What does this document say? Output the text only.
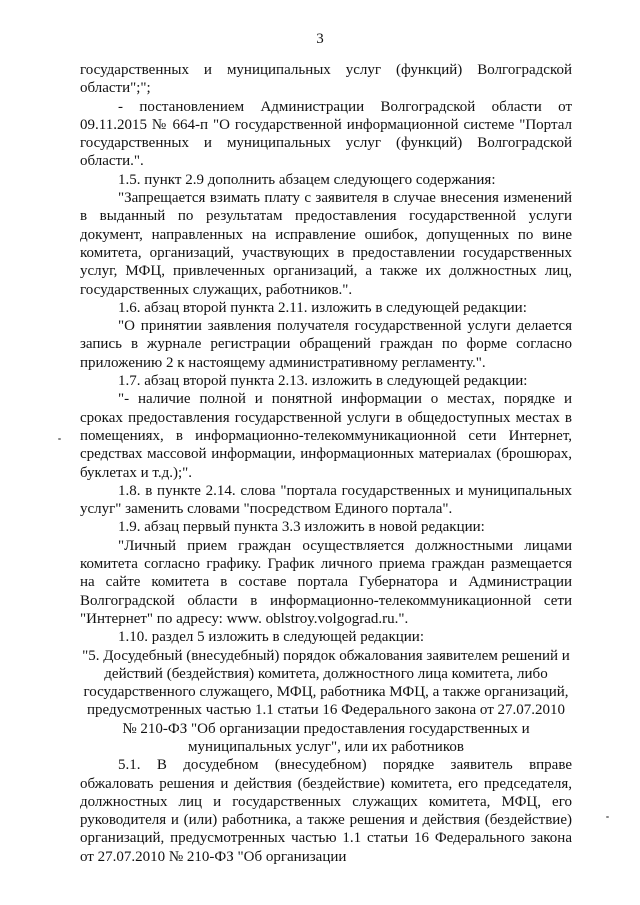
3

государственных и муниципальных услуг (функций) Волгоградской области";";

- постановлением Администрации Волгоградской области от 09.11.2015 № 664-п "О государственной информационной системе "Портал государственных и муниципальных услуг (функций) Волгоградской области.".

1.5. пункт 2.9 дополнить абзацем следующего содержания:

"Запрещается взимать плату с заявителя в случае внесения изменений в выданный по результатам предоставления государственной услуги документ, направленных на исправление ошибок, допущенных по вине комитета, организаций, участвующих в предоставлении государственных услуг, МФЦ, привлеченных организаций, а также их должностных лиц, государственных служащих, работников.".

1.6. абзац второй пункта 2.11. изложить в следующей редакции:

"О принятии заявления получателя государственной услуги делается запись в журнале регистрации обращений граждан по форме согласно приложению 2 к настоящему административному регламенту.".

1.7. абзац второй пункта 2.13. изложить в следующей редакции:

"- наличие полной и понятной информации о местах, порядке и сроках предоставления государственной услуги в общедоступных местах в помещениях, в информационно-телекоммуникационной сети Интернет, средствах массовой информации, информационных материалах (брошюрах, буклетах и т.д.);".

1.8. в пункте 2.14. слова "портала государственных и муниципальных услуг" заменить словами "посредством Единого портала".

1.9. абзац первый пункта 3.3 изложить в новой редакции:

"Личный прием граждан осуществляется должностными лицами комитета согласно графику. График личного приема граждан размещается на сайте комитета в составе портала Губернатора и Администрации Волгоградской области в информационно-телекоммуникационной сети "Интернет" по адресу: www. oblstroy.volgograd.ru.".

1.10. раздел 5 изложить в следующей редакции:

"5. Досудебный (внесудебный) порядок обжалования заявителем решений и действий (бездействия) комитета, должностного лица комитета, либо государственного служащего, МФЦ, работника МФЦ, а также организаций, предусмотренных частью 1.1 статьи 16 Федерального закона от 27.07.2010 № 210-ФЗ "Об организации предоставления государственных и муниципальных услуг", или их работников

5.1. В досудебном (внесудебном) порядке заявитель вправе обжаловать решения и действия (бездействие) комитета, его председателя, должностных лиц и государственных служащих комитета, МФЦ, его руководителя и (или) работника, а также решения и действия (бездействие) организаций, предусмотренных частью 1.1 статьи 16 Федерального закона от 27.07.2010 № 210-ФЗ "Об организации
